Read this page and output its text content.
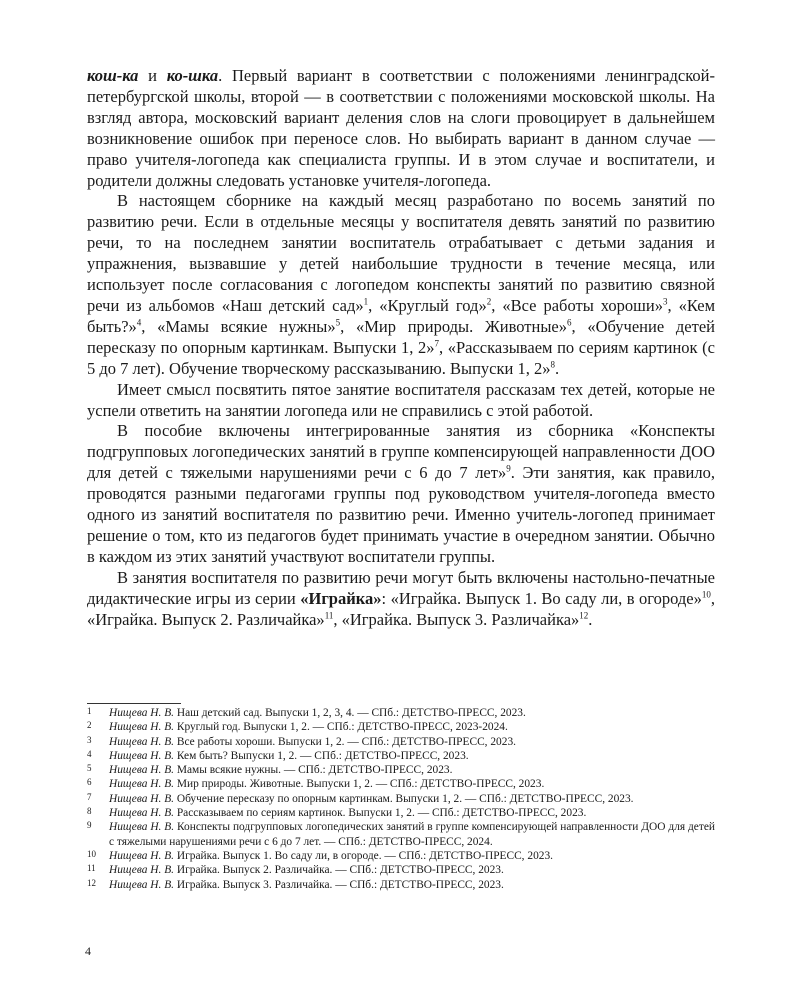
кош-ка и ко-шка. Первый вариант в соответствии с положениями ленинградской-петербургской школы, второй — в соответствии с положениями московской школы. На взгляд автора, московский вариант деления слов на слоги провоцирует в дальнейшем возникновение ошибок при переносе слов. Но выбирать вариант в данном случае — право учителя-логопеда как специалиста группы. И в этом случае и воспитатели, и родители должны следовать установке учителя-логопеда.

В настоящем сборнике на каждый месяц разработано по восемь занятий по развитию речи. Если в отдельные месяцы у воспитателя девять занятий по развитию речи, то на последнем занятии воспитатель отрабатывает с детьми задания и упражнения, вызвавшие у детей наибольшие трудности в течение месяца, или использует после согласования с логопедом конспекты занятий по развитию связной речи из альбомов «Наш детский сад»$^1$, «Круглый год»$^2$, «Все работы хороши»$^3$, «Кем быть?»$^4$, «Мамы всякие нужны»$^5$, «Мир природы. Животные»$^6$, «Обучение детей пересказу по опорным картинкам. Выпуски 1, 2»$^7$, «Рассказываем по сериям картинок (с 5 до 7 лет). Обучение творческому рассказыванию. Выпуски 1, 2»$^8$.

Имеет смысл посвятить пятое занятие воспитателя рассказам тех детей, которые не успели ответить на занятии логопеда или не справились с этой работой.

В пособие включены интегрированные занятия из сборника «Конспекты подгрупповых логопедических занятий в группе компенсирующей направленности ДОО для детей с тяжелыми нарушениями речи с 6 до 7 лет»$^9$. Эти занятия, как правило, проводятся разными педагогами группы под руководством учителя-логопеда вместо одного из занятий воспитателя по развитию речи. Именно учитель-логопед принимает решение о том, кто из педагогов будет принимать участие в очередном занятии. Обычно в каждом из этих занятий участвуют воспитатели группы.

В занятия воспитателя по развитию речи могут быть включены настольно-печатные дидактические игры из серии «Играйка»: «Играйка. Выпуск 1. Во саду ли, в огороде»$^{10}$, «Играйка. Выпуск 2. Различайка»$^{11}$, «Играйка. Выпуск 3. Различайка»$^{12}$.

1	Нищева Н. В. Наш детский сад. Выпуски 1, 2, 3, 4. — СПб.: ДЕТСТВО-ПРЕСС, 2023.
2	Нищева Н. В. Круглый год. Выпуски 1, 2. — СПб.: ДЕТСТВО-ПРЕСС, 2023-2024.
3	Нищева Н. В. Все работы хороши. Выпуски 1, 2. — СПб.: ДЕТСТВО-ПРЕСС, 2023.
4	Нищева Н. В. Кем быть? Выпуски 1, 2. — СПб.: ДЕТСТВО-ПРЕСС, 2023.
5	Нищева Н. В. Мамы всякие нужны. — СПб.: ДЕТСТВО-ПРЕСС, 2023.
6	Нищева Н. В. Мир природы. Животные. Выпуски 1, 2. — СПб.: ДЕТСТВО-ПРЕСС, 2023.
7	Нищева Н. В. Обучение пересказу по опорным картинкам. Выпуски 1, 2. — СПб.: ДЕТСТВО-ПРЕСС, 2023.
8	Нищева Н. В. Рассказываем по сериям картинок. Выпуски 1, 2. — СПб.: ДЕТСТВО-ПРЕСС, 2023.
9	Нищева Н. В. Конспекты подгрупповых логопедических занятий в группе компенсирующей направленности ДОО для детей с тяжелыми нарушениями речи с 6 до 7 лет. — СПб.: ДЕТСТВО-ПРЕСС, 2024.
10	Нищева Н. В. Играйка. Выпуск 1. Во саду ли, в огороде. — СПб.: ДЕТСТВО-ПРЕСС, 2023.
11	Нищева Н. В. Играйка. Выпуск 2. Различайка. — СПб.: ДЕТСТВО-ПРЕСС, 2023.
12	Нищева Н. В. Играйка. Выпуск 3. Различайка. — СПб.: ДЕТСТВО-ПРЕСС, 2023.
4
